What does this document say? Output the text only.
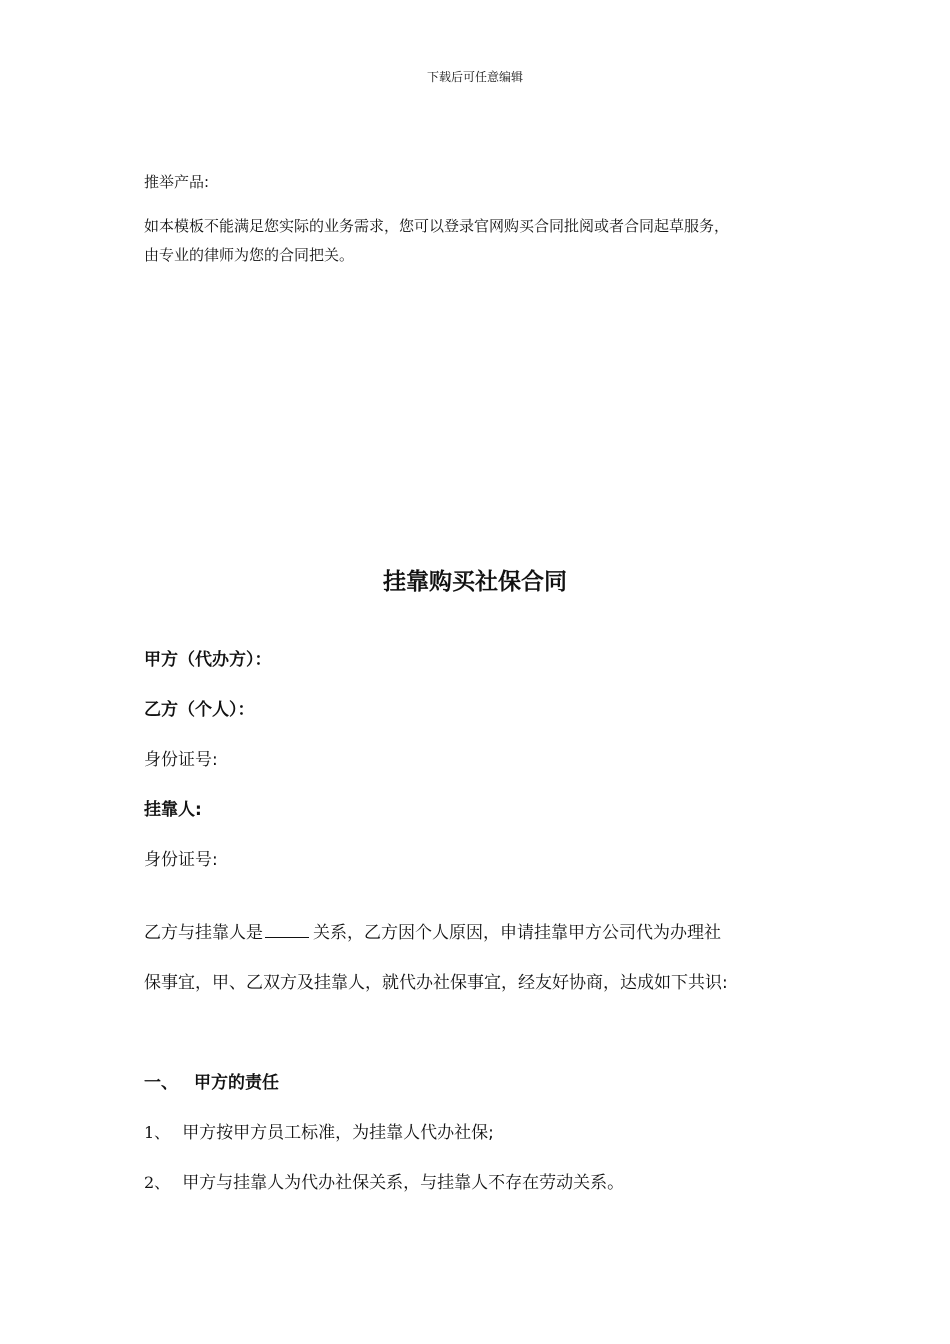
下载后可任意编辑
推举产品:
如本模板不能满足您实际的业务需求，您可以登录官网购买合同批阅或者合同起草服务，
由专业的律师为您的合同把关。
挂靠购买社保合同
甲方（代办方）：
乙方（个人）：
身份证号:
挂靠人:
身份证号:
乙方与挂靠人是	关系，乙方因个人原因，申请挂靠甲方公司代为办理社
保事宜，甲、乙双方及挂靠人，就代办社保事宜，经友好协商，达成如下共识:
一、 甲方的责任
1、 甲方按甲方员工标准，为挂靠人代办社保;
2、 甲方与挂靠人为代办社保关系，与挂靠人不存在劳动关系。
